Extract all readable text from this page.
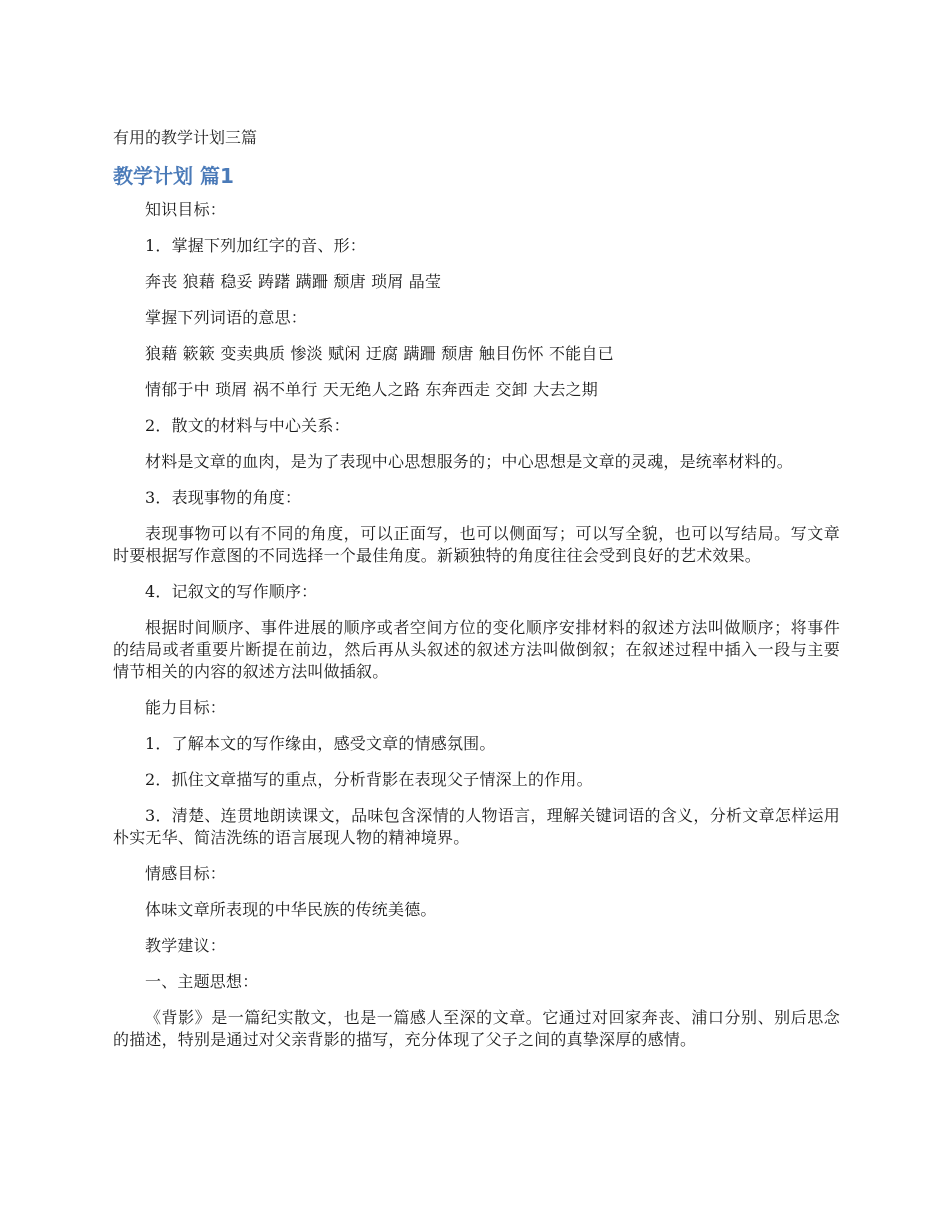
有用的教学计划三篇
教学计划 篇1

知识目标：

1．掌握下列加红字的音、形：

奔丧 狼藉 稳妥 踌躇 蹒跚 颓唐 琐屑 晶莹

掌握下列词语的意思：

狼藉 簌簌 变卖典质 惨淡 赋闲 迂腐 蹒跚 颓唐 触目伤怀 不能自已

情郁于中 琐屑 祸不单行 天无绝人之路 东奔西走 交卸 大去之期

2．散文的材料与中心关系：

材料是文章的血肉，是为了表现中心思想服务的；中心思想是文章的灵魂，是统率材料的。

3．表现事物的角度：

表现事物可以有不同的角度，可以正面写，也可以侧面写；可以写全貌，也可以写结局。写文章时要根据写作意图的不同选择一个最佳角度。新颖独特的角度往往会受到良好的艺术效果。

4．记叙文的写作顺序：

根据时间顺序、事件进展的顺序或者空间方位的变化顺序安排材料的叙述方法叫做顺序；将事件的结局或者重要片断提在前边，然后再从头叙述的叙述方法叫做倒叙；在叙述过程中插入一段与主要情节相关的内容的叙述方法叫做插叙。

能力目标：

1．了解本文的写作缘由，感受文章的情感氛围。

2．抓住文章描写的重点，分析背影在表现父子情深上的作用。

3．清楚、连贯地朗读课文，品味包含深情的人物语言，理解关键词语的含义，分析文章怎样运用朴实无华、简洁洗练的语言展现人物的精神境界。

情感目标：

体味文章所表现的中华民族的传统美德。

教学建议：

一、主题思想：

《背影》是一篇纪实散文，也是一篇感人至深的文章。它通过对回家奔丧、浦口分别、别后思念的描述，特别是通过对父亲背影的描写，充分体现了父子之间的真挚深厚的感情。
